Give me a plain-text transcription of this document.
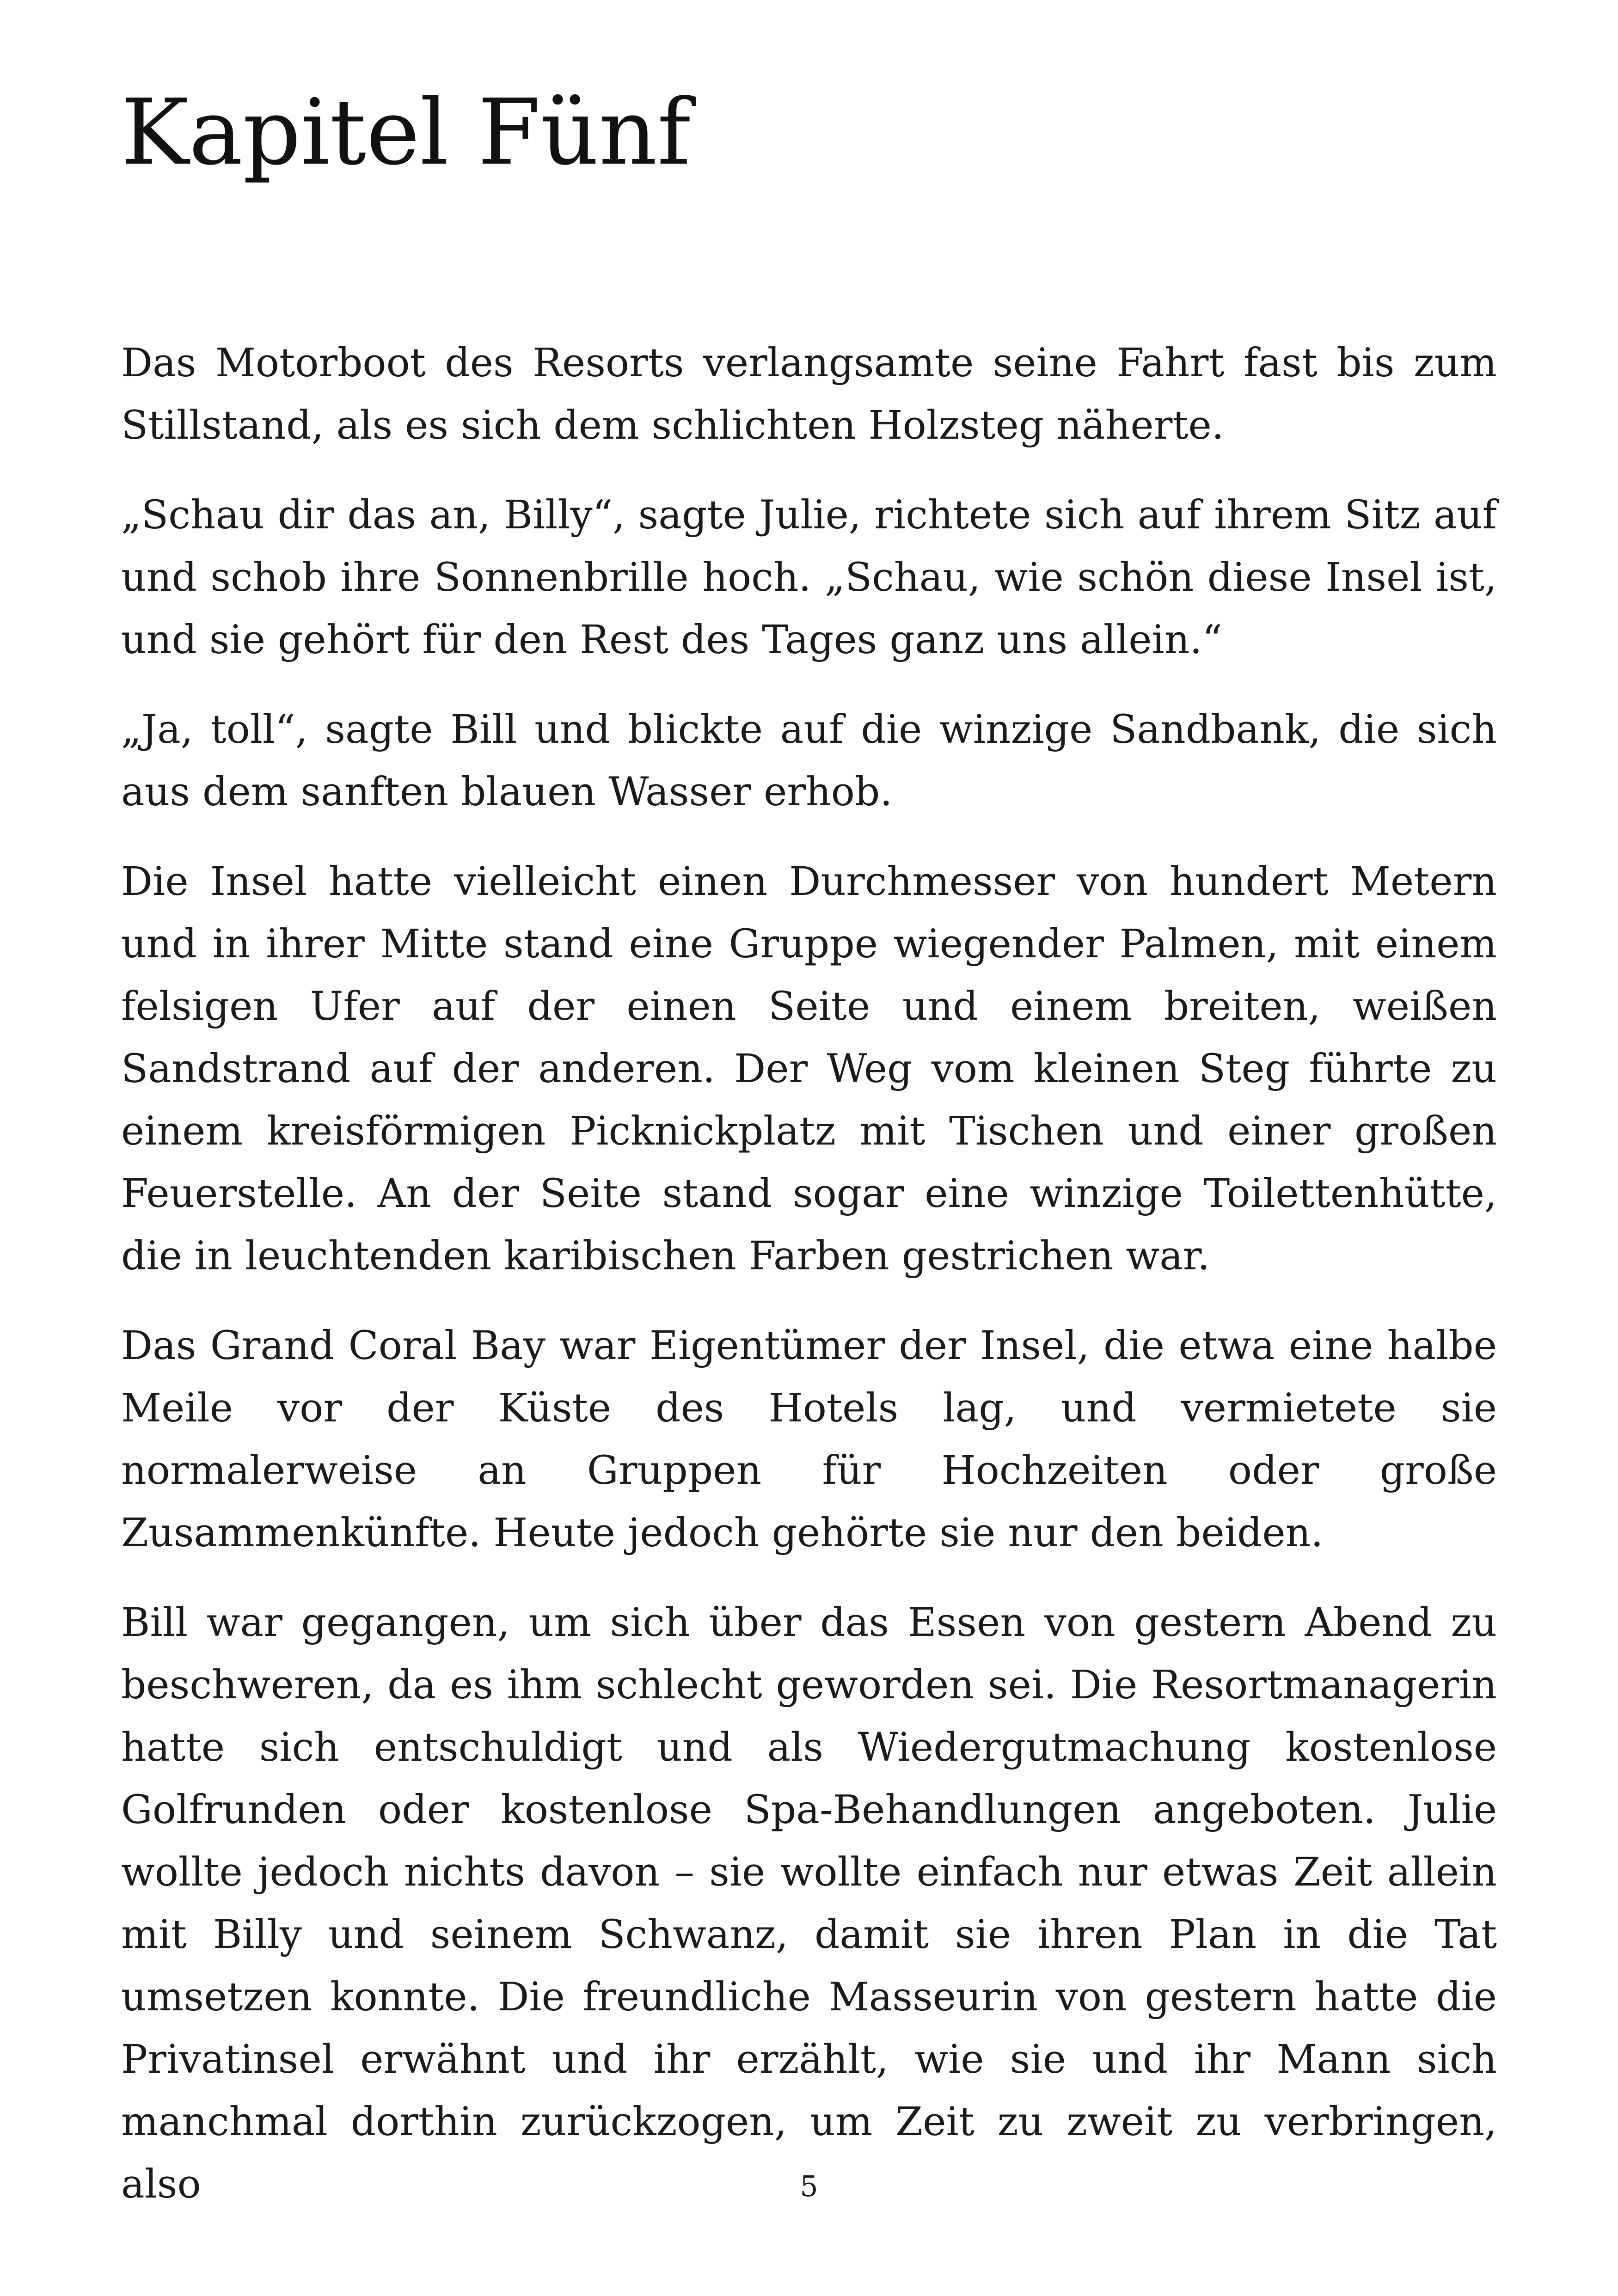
Kapitel Fünf

Das Motorboot des Resorts verlangsamte seine Fahrt fast bis zum Stillstand, als es sich dem schlichten Holzsteg näherte.

„Schau dir das an, Billy“, sagte Julie, richtete sich auf ihrem Sitz auf und schob ihre Sonnenbrille hoch. „Schau, wie schön diese Insel ist, und sie gehört für den Rest des Tages ganz uns allein.“

„Ja, toll“, sagte Bill und blickte auf die winzige Sandbank, die sich aus dem sanften blauen Wasser erhob.

Die Insel hatte vielleicht einen Durchmesser von hundert Metern und in ihrer Mitte stand eine Gruppe wiegender Palmen, mit einem felsigen Ufer auf der einen Seite und einem breiten, weißen Sandstrand auf der anderen. Der Weg vom kleinen Steg führte zu einem kreisförmigen Picknickplatz mit Tischen und einer großen Feuerstelle. An der Seite stand sogar eine winzige Toilettenhütte, die in leuchtenden karibischen Farben gestrichen war.

Das Grand Coral Bay war Eigentümer der Insel, die etwa eine halbe Meile vor der Küste des Hotels lag, und vermietete sie normalerweise an Gruppen für Hochzeiten oder große Zusammenkünfte. Heute jedoch gehörte sie nur den beiden.

Bill war gegangen, um sich über das Essen von gestern Abend zu beschweren, da es ihm schlecht geworden sei. Die Resortmanagerin hatte sich entschuldigt und als Wiedergutmachung kostenlose Golfrunden oder kostenlose Spa-Behandlungen angeboten. Julie wollte jedoch nichts davon – sie wollte einfach nur etwas Zeit allein mit Billy und seinem Schwanz, damit sie ihren Plan in die Tat umsetzen konnte. Die freundliche Masseurin von gestern hatte die Privatinsel erwähnt und ihr erzählt, wie sie und ihr Mann sich manchmal dorthin zurückzogen, um Zeit zu zweit zu verbringen, also	5
